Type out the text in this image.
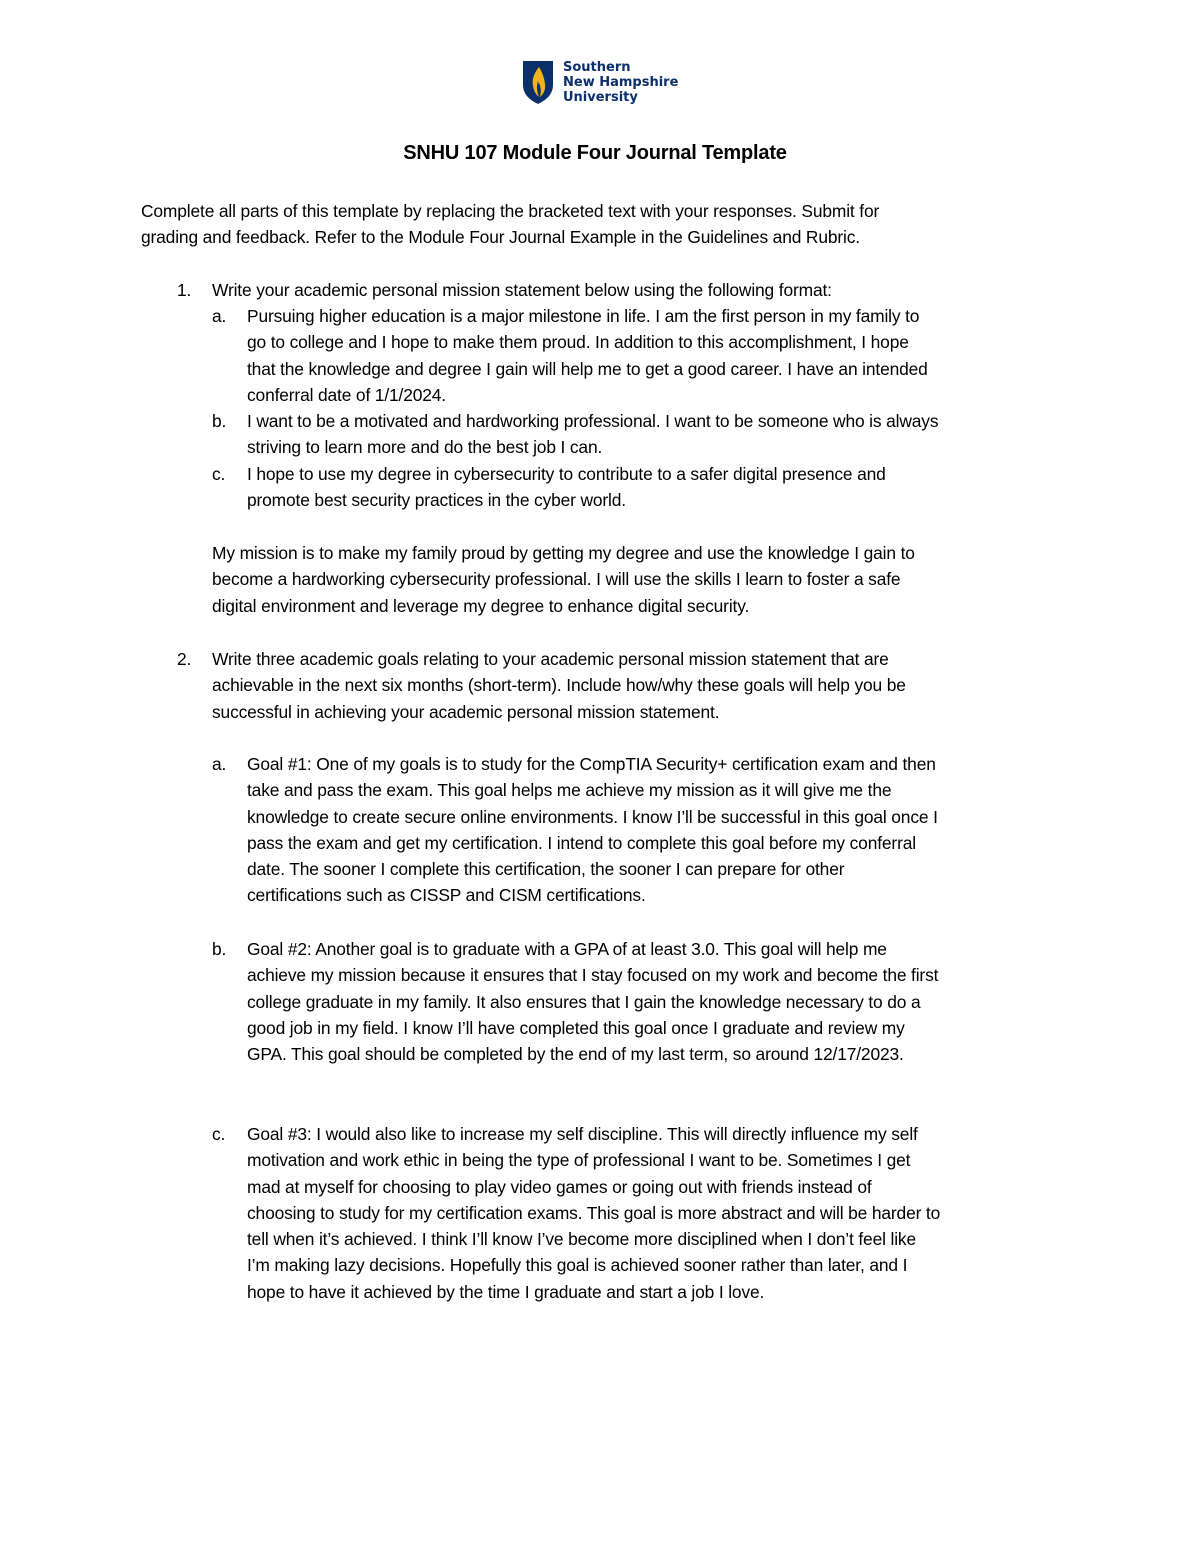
Southern
New Hampshire
University
SNHU 107 Module Four Journal Template
Complete all parts of this template by replacing the bracketed text with your responses. Submit for
grading and feedback. Refer to the Module Four Journal Example in the Guidelines and Rubric.
1. Write your academic personal mission statement below using the following format:
a. Pursuing higher education is a major milestone in life. I am the first person in my family to
go to college and I hope to make them proud. In addition to this accomplishment, I hope
that the knowledge and degree I gain will help me to get a good career. I have an intended
conferral date of 1/1/2024.
b. I want to be a motivated and hardworking professional. I want to be someone who is always
striving to learn more and do the best job I can.
c. I hope to use my degree in cybersecurity to contribute to a safer digital presence and
promote best security practices in the cyber world.
My mission is to make my family proud by getting my degree and use the knowledge I gain to
become a hardworking cybersecurity professional. I will use the skills I learn to foster a safe
digital environment and leverage my degree to enhance digital security.
2. Write three academic goals relating to your academic personal mission statement that are
achievable in the next six months (short-term). Include how/why these goals will help you be
successful in achieving your academic personal mission statement.
a. Goal #1: One of my goals is to study for the CompTIA Security+ certification exam and then
take and pass the exam. This goal helps me achieve my mission as it will give me the
knowledge to create secure online environments. I know I’ll be successful in this goal once I
pass the exam and get my certification. I intend to complete this goal before my conferral
date. The sooner I complete this certification, the sooner I can prepare for other
certifications such as CISSP and CISM certifications.
b. Goal #2: Another goal is to graduate with a GPA of at least 3.0. This goal will help me
achieve my mission because it ensures that I stay focused on my work and become the first
college graduate in my family. It also ensures that I gain the knowledge necessary to do a
good job in my field. I know I’ll have completed this goal once I graduate and review my
GPA. This goal should be completed by the end of my last term, so around 12/17/2023.
c. Goal #3: I would also like to increase my self discipline. This will directly influence my self
motivation and work ethic in being the type of professional I want to be. Sometimes I get
mad at myself for choosing to play video games or going out with friends instead of
choosing to study for my certification exams. This goal is more abstract and will be harder to
tell when it’s achieved. I think I’ll know I’ve become more disciplined when I don’t feel like
I’m making lazy decisions. Hopefully this goal is achieved sooner rather than later, and I
hope to have it achieved by the time I graduate and start a job I love.
